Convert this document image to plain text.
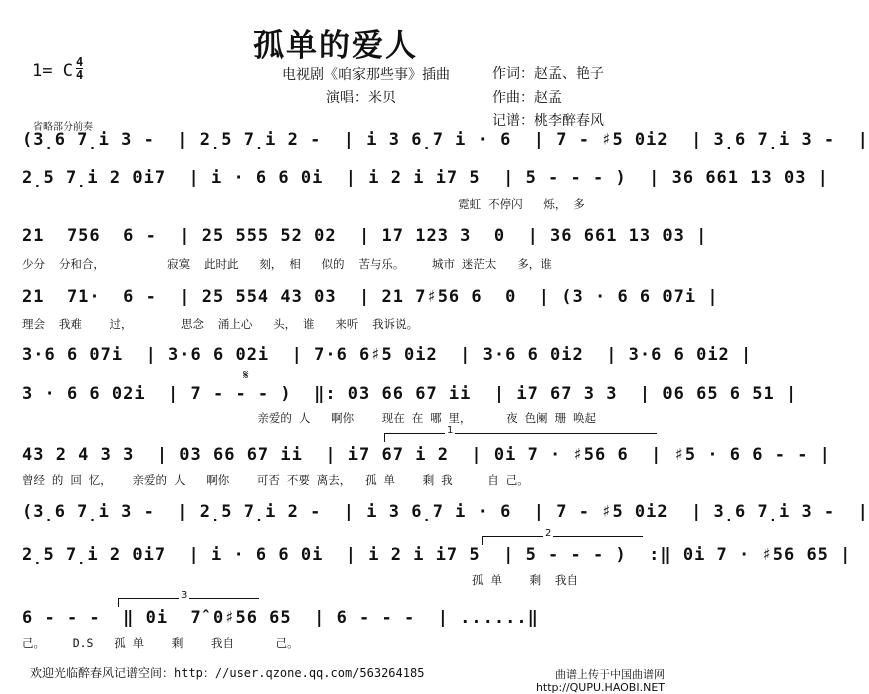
孤单的爱人
1= C 4
4	电视剧《咱家那些事》插曲
演唱：米贝
作词：赵孟、艳子
作曲：赵孟
记谱：桃李醉春风
省略部分前奏
(3̣6 7̣i 3 -  | 2̣5 7̣i 2 -  | i 3 6̣7 i · 6  | 7 - ♯5 0i2  | 3̣6 7̣i 3 -  |
2̣5 7̣i 2 0i7  | i · 6 6 0i  | i 2 i i7 5  | 5 - - - )  | 36 661 13 03 |
霓虹 不停闪   烁， 多
21  756  6 -  | 25 555 52 02  | 17 123 3  0  | 36 661 13 03 |
少分  分和合，         寂寞  此时此   刻， 相   似的  苦与乐。    城市 迷茫太   多，谁
21  71·  6 -  | 25 554 43 03  | 21 7♯56 6  0  | (3 · 6 6 07i |
理会  我难    过，       思念  涌上心   头， 谁   来听  我诉说。
3·6 6 07i  | 3·6 6 02i  | 7·6 6♯5 0i2  | 3·6 6 0i2  | 3·6 6 0i2 |
𝄋
3 · 6 6 02i  | 7 - - - )  ‖: 03 66 67 ii  | i7 67 3 3  | 06 65 6 51 |
亲爱的 人   啊你    现在 在 哪 里，     夜 色阑 珊 唤起
1
43 2 4 3 3  | 03 66 67 ii  | i7 67 i 2  | 0i 7 · ♯56 6  | ♯5 · 6 6 - - |
曾经 的 回 忆，   亲爱的 人   啊你    可否 不要 离去，  孤 单    剩 我     自 己。
(3̣6 7̣i 3 -  | 2̣5 7̣i 2 -  | i 3 6̣7 i · 6  | 7 - ♯5 0i2  | 3̣6 7̣i 3 -  |
2
2̣5 7̣i 2 0i7  | i · 6 6 0i  | i 2 i i7 5  | 5 - - - )  :‖ 0i 7 · ♯56 65 |
孤 单    剩  我自
3
6 - - -  ‖ 0i  7̂ 0♯56 65  | 6 - - -  | ......‖
己。    D.S   孤 单    剩    我自      己。
欢迎光临醉春风记谱空间：http：//user.qzone.qq.com/563264185	曲谱上传于中国曲谱网
http://QUPU.HAOBI.NET
